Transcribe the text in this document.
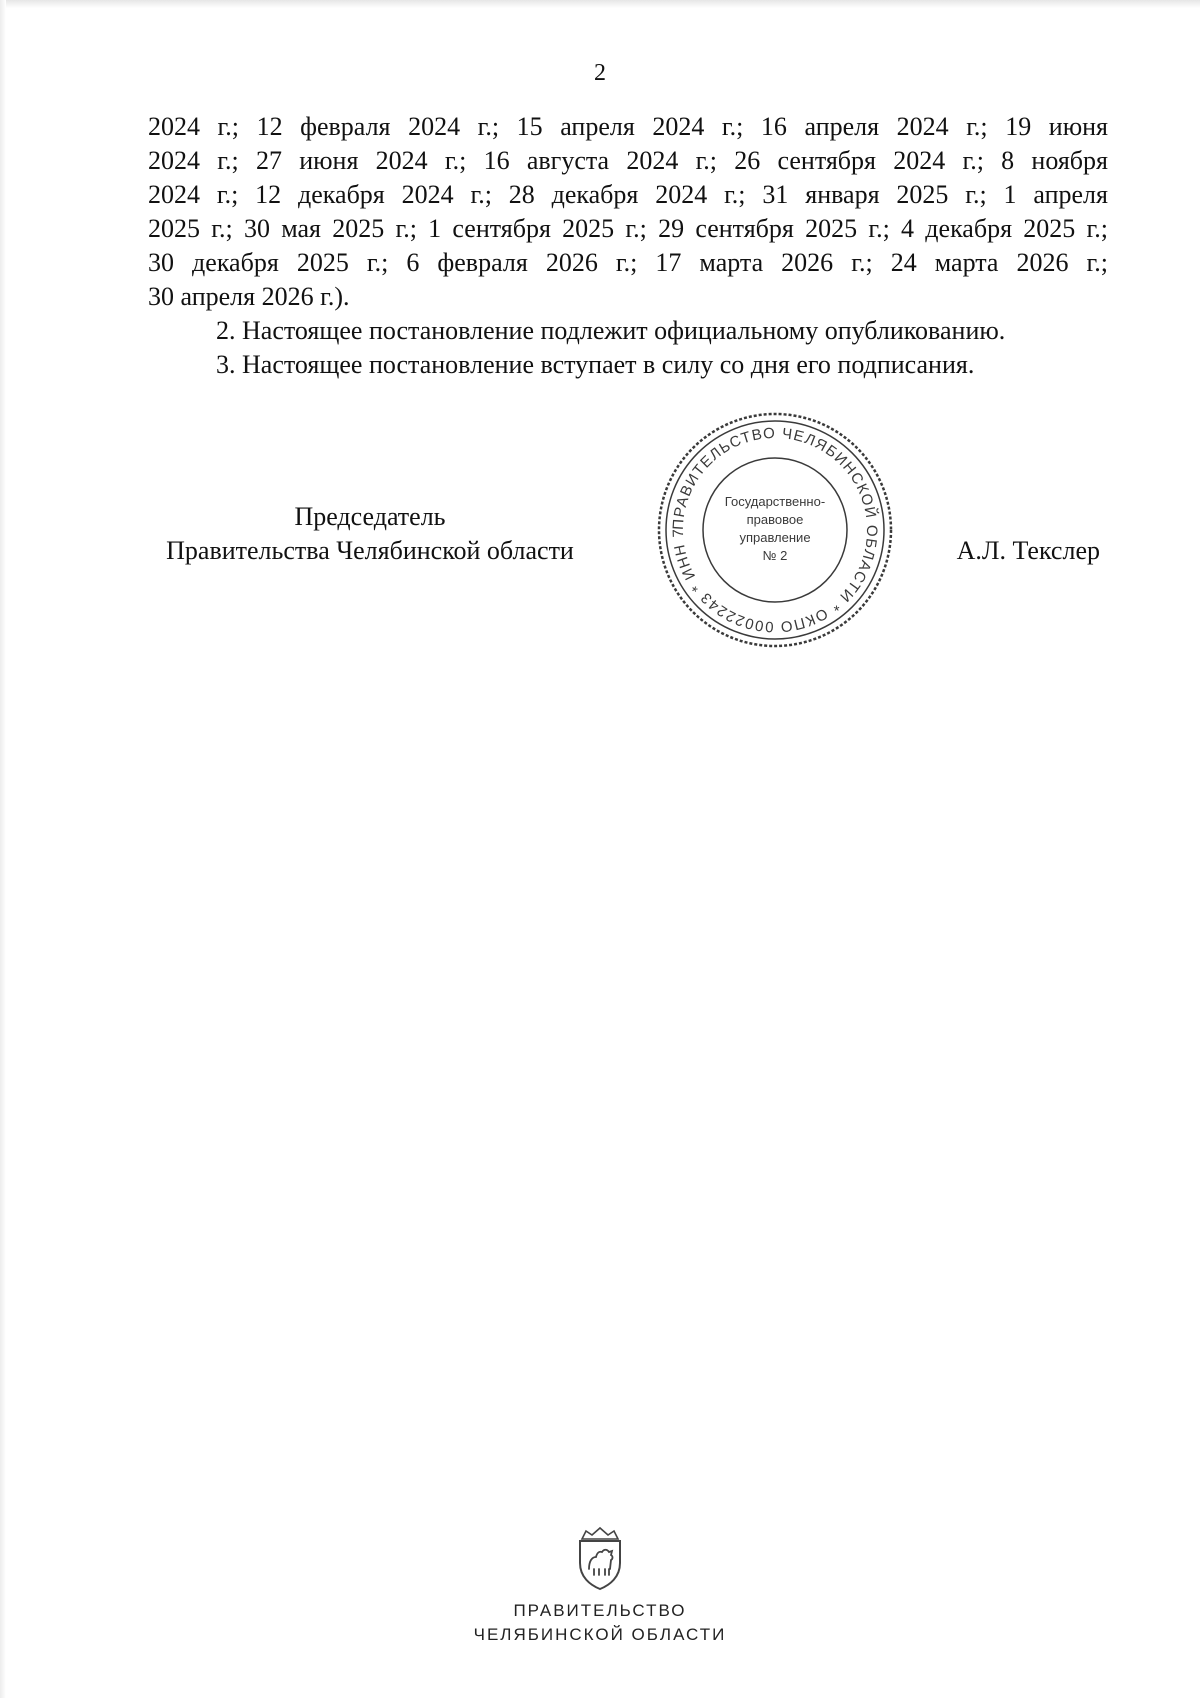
2

2024 г.; 12 февраля 2024 г.; 15 апреля 2024 г.; 16 апреля 2024 г.; 19 июня
2024 г.; 27 июня 2024 г.; 16 августа 2024 г.; 26 сентября 2024 г.; 8 ноября
2024 г.; 12 декабря 2024 г.; 28 декабря 2024 г.; 31 января 2025 г.; 1 апреля
2025 г.; 30 мая 2025 г.; 1 сентября 2025 г.; 29 сентября 2025 г.; 4 декабря 2025 г.;
30 декабря 2025 г.; 6 февраля 2026 г.; 17 марта 2026 г.; 24 марта 2026 г.;
30 апреля 2026 г.).

2. Настоящее постановление подлежит официальному опубликованию.

3. Настоящее постановление вступает в силу со дня его подписания.

Председатель
Правительства Челябинской области	А.Л. Текслер
ПРАВИТЕЛЬСТВО ЧЕЛЯБИНСКОЙ ОБЛАСТИ * ОКПО 00022243 * ИНН 7
Государственно-
правовое
управление
№ 2
ПРАВИТЕЛЬСТВО
ЧЕЛЯБИНСКОЙ ОБЛАСТИ
